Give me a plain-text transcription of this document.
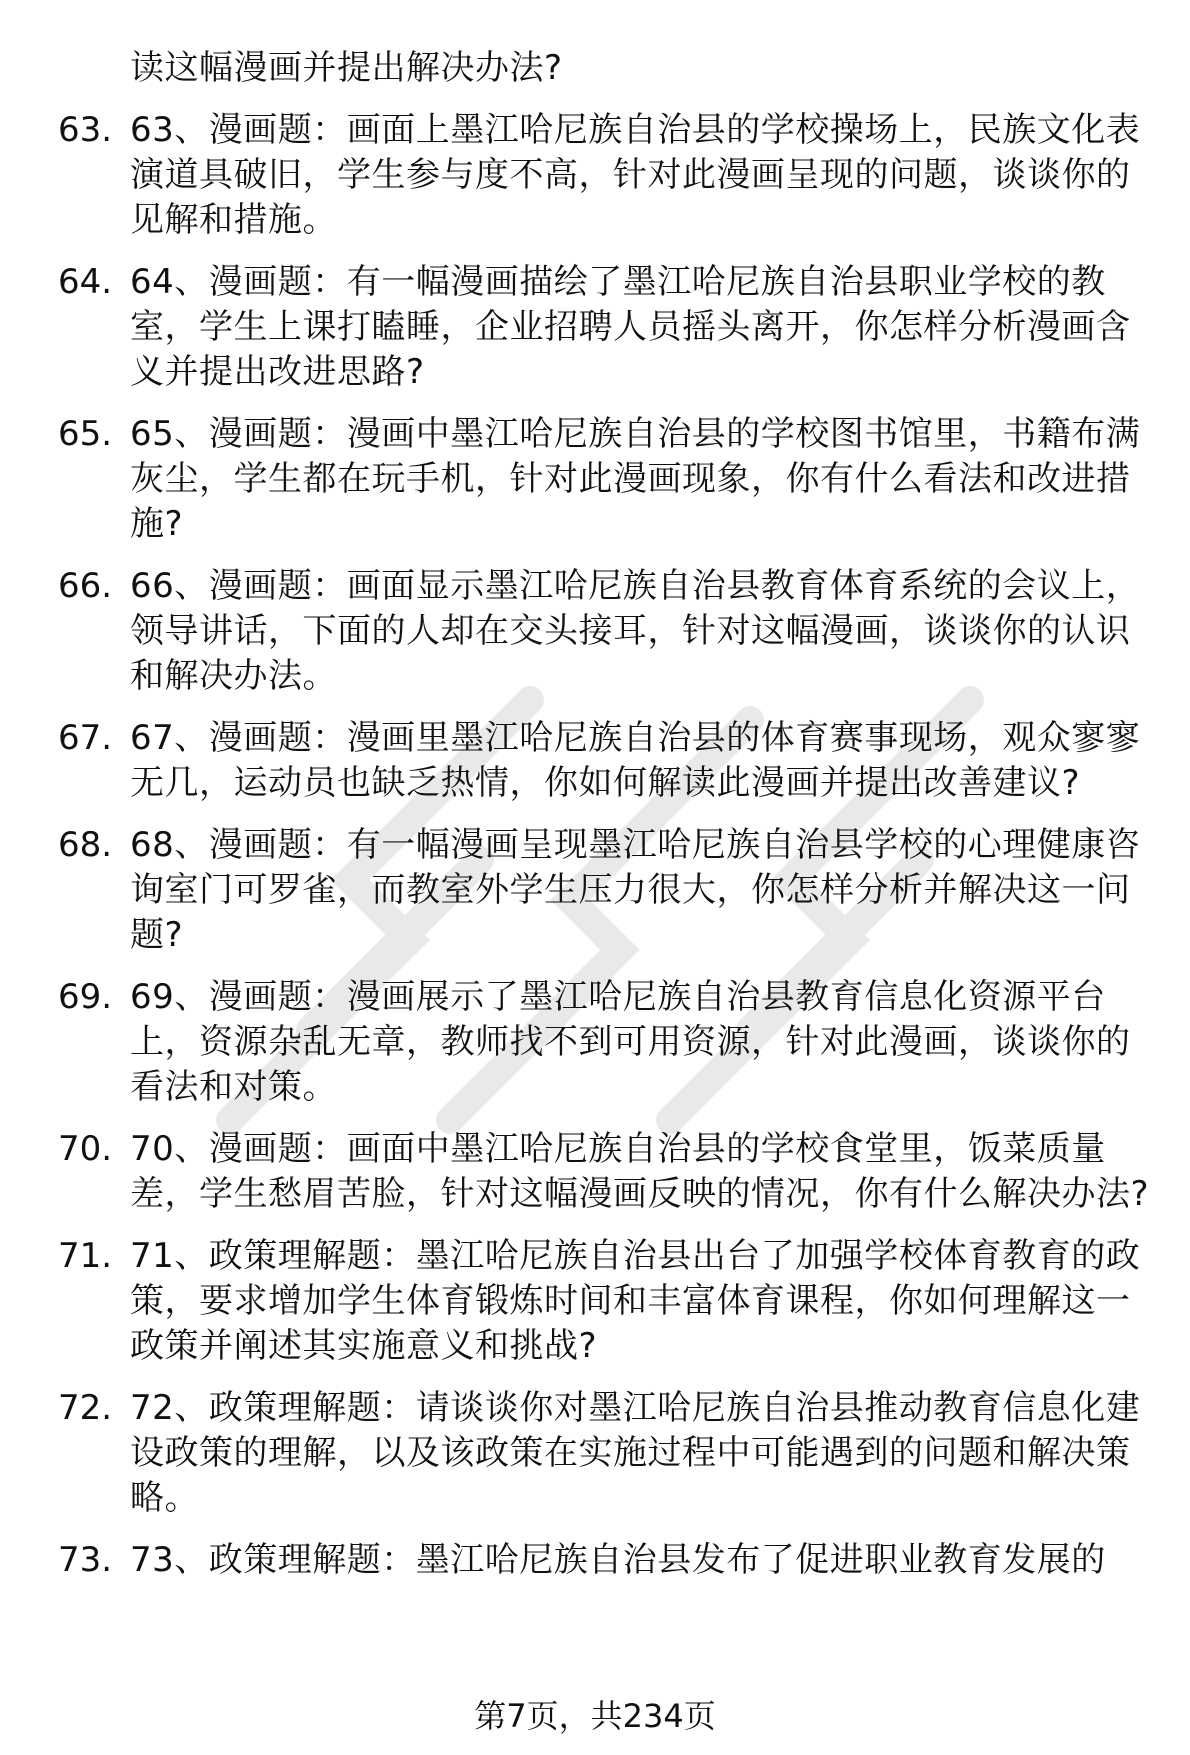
读这幅漫画并提出解决办法?

63. 63、漫画题：画面上墨江哈尼族自治县的学校操场上，民族文化表演道具破旧，学生参与度不高，针对此漫画呈现的问题，谈谈你的见解和措施。
64. 64、漫画题：有一幅漫画描绘了墨江哈尼族自治县职业学校的教室，学生上课打瞌睡，企业招聘人员摇头离开，你怎样分析漫画含义并提出改进思路?
65. 65、漫画题：漫画中墨江哈尼族自治县的学校图书馆里，书籍布满灰尘，学生都在玩手机，针对此漫画现象，你有什么看法和改进措施?
66. 66、漫画题：画面显示墨江哈尼族自治县教育体育系统的会议上，领导讲话，下面的人却在交头接耳，针对这幅漫画，谈谈你的认识和解决办法。
67. 67、漫画题：漫画里墨江哈尼族自治县的体育赛事现场，观众寥寥无几，运动员也缺乏热情，你如何解读此漫画并提出改善建议?
68. 68、漫画题：有一幅漫画呈现墨江哈尼族自治县学校的心理健康咨询室门可罗雀，而教室外学生压力很大，你怎样分析并解决这一问题?
69. 69、漫画题：漫画展示了墨江哈尼族自治县教育信息化资源平台上，资源杂乱无章，教师找不到可用资源，针对此漫画，谈谈你的看法和对策。
70. 70、漫画题：画面中墨江哈尼族自治县的学校食堂里，饭菜质量差，学生愁眉苦脸，针对这幅漫画反映的情况，你有什么解决办法?
71. 71、政策理解题：墨江哈尼族自治县出台了加强学校体育教育的政策，要求增加学生体育锻炼时间和丰富体育课程，你如何理解这一政策并阐述其实施意义和挑战?
72. 72、政策理解题：请谈谈你对墨江哈尼族自治县推动教育信息化建设政策的理解，以及该政策在实施过程中可能遇到的问题和解决策略。
73. 73、政策理解题：墨江哈尼族自治县发布了促进职业教育发展的
第7页，共234页
